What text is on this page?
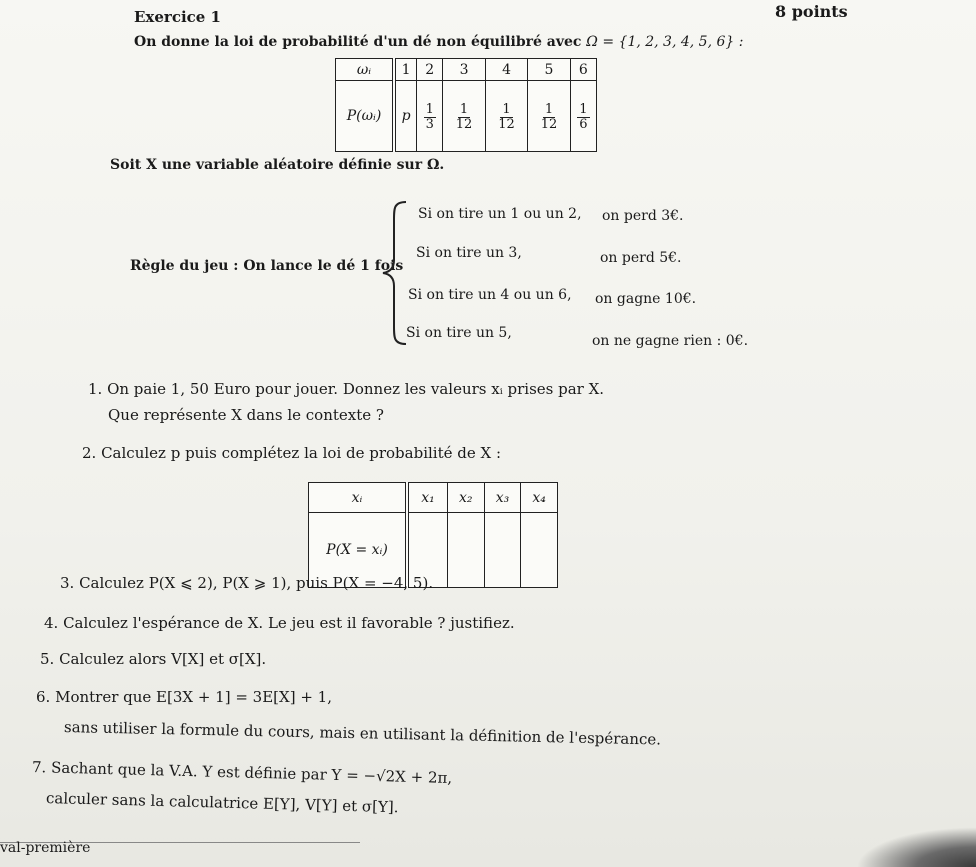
Exercice 1	8 points
On donne la loi de probabilité d'un dé non équilibré avec Ω = {1, 2, 3, 4, 5, 6} :
ωᵢ	1	2	3	4	5	6
P(ωᵢ)	p	$\frac{1}{3}$	$\frac{1}{12}$	$\frac{1}{12}$	$\frac{1}{12}$	$\frac{1}{6}$
Soit X une variable aléatoire définie sur Ω.
Règle du jeu : On lance le dé 1 fois
Si on tire un 1 ou un 2, on perd 3€.
Si on tire un 3,	on perd 5€.
Si on tire un 4 ou un 6, on gagne 10€.
Si on tire un 5,	on ne gagne rien : 0€.
1. On paie 1, 50 Euro pour jouer. Donnez les valeurs xᵢ prises par X.
Que représente X dans le contexte ?
2. Calculez p puis complétez la loi de probabilité de X :
xᵢ	x₁	x₂	x₃	x₄
P(X = xᵢ)				
3. Calculez P(X ⩽ 2), P(X ⩾ 1), puis P(X = −4, 5).
4. Calculez l'espérance de X. Le jeu est il favorable ? justifiez.
5. Calculez alors V[X] et σ[X].
6. Montrer que E[3X + 1] = 3E[X] + 1,
sans utiliser la formule du cours, mais en utilisant la définition de l'espérance.
7. Sachant que la V.A. Y est définie par Y = −√2X + 2π,
calculer sans la calculatrice E[Y], V[Y] et σ[Y].
val-première
